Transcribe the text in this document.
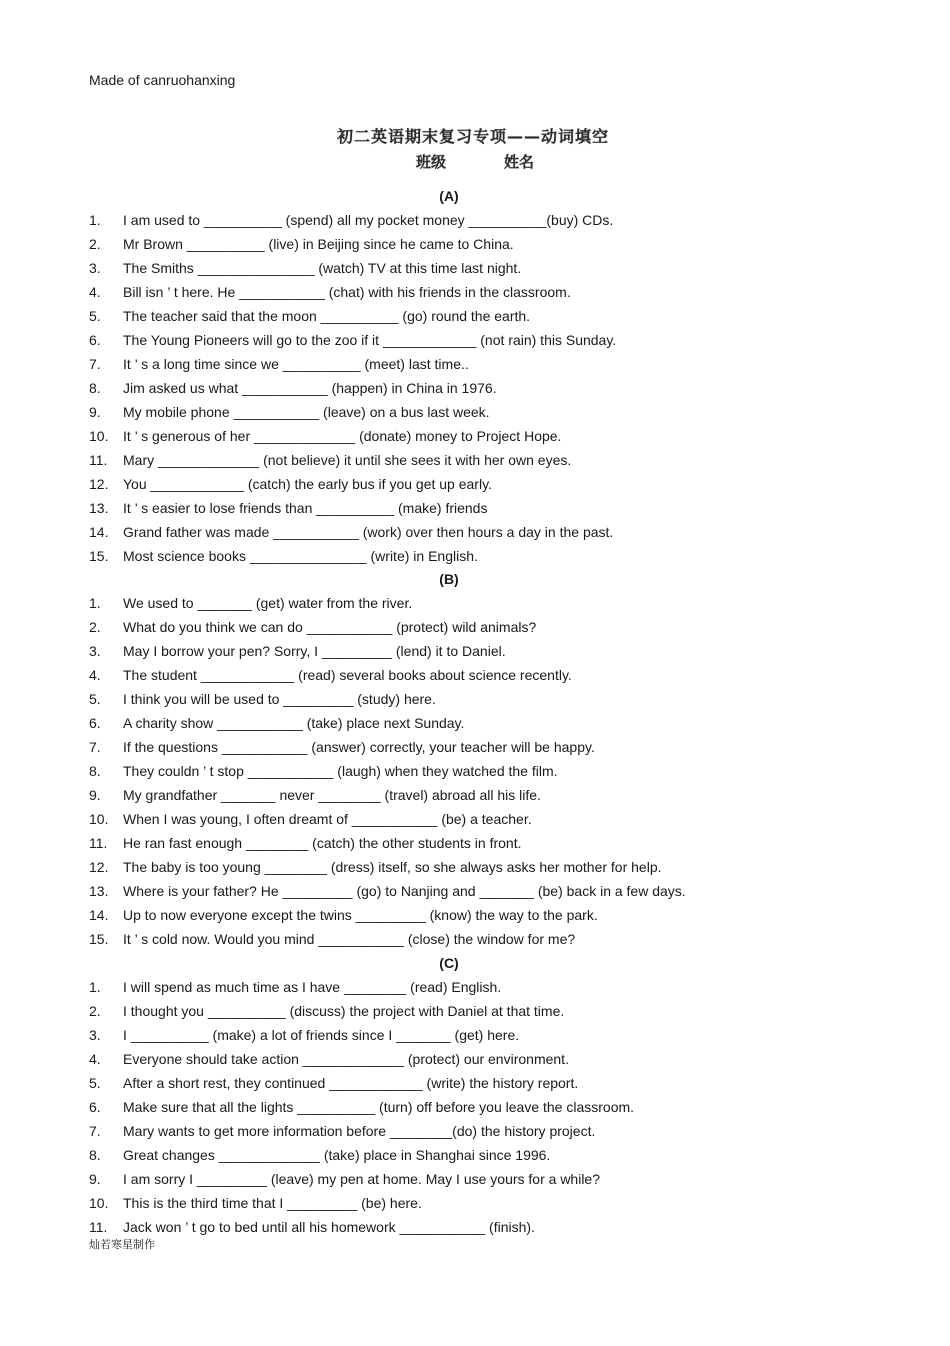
Made of canruohanxing
初二英语期末复习专项——动词填空
班级	姓名
(A)
1. I am used to __________ (spend) all my pocket money __________(buy) CDs.
2. Mr Brown __________ (live) in Beijing since he came to China.
3. The Smiths _______________ (watch) TV at this time last night.
4. Bill isn ’ t here. He ___________ (chat) with his friends in the classroom.
5. The teacher said that the moon __________ (go) round the earth.
6. The Young Pioneers will go to the zoo if it ____________ (not rain) this Sunday.
7. It ’ s a long time since we __________ (meet) last time..
8. Jim asked us what ___________ (happen) in China in 1976.
9. My mobile phone ___________ (leave) on a bus last week.
10. It ’ s generous of her _____________ (donate) money to Project Hope.
11. Mary _____________ (not believe) it until she sees it with her own eyes.
12. You ____________ (catch) the early bus if you get up early.
13. It ’ s easier to lose friends than __________ (make) friends
14. Grand father was made ___________ (work) over then hours a day in the past.
15. Most science books _______________ (write) in English.
(B)
1. We used to _______ (get) water from the river.
2. What do you think we can do ___________ (protect) wild animals?
3. May I borrow your pen? Sorry, I _________ (lend) it to Daniel.
4. The student ____________ (read) several books about science recently.
5. I think you will be used to _________ (study) here.
6. A charity show ___________ (take) place next Sunday.
7. If the questions ___________ (answer) correctly, your teacher will be happy.
8. They couldn ’ t stop ___________ (laugh) when they watched the film.
9. My grandfather _______ never ________ (travel) abroad all his life.
10. When I was young, I often dreamt of ___________ (be) a teacher.
11. He ran fast enough ________ (catch) the other students in front.
12. The baby is too young ________ (dress) itself, so she always asks her mother for help.
13. Where is your father? He _________ (go) to Nanjing and _______ (be) back in a few days.
14. Up to now everyone except the twins _________ (know) the way to the park.
15. It ’ s cold now. Would you mind ___________ (close) the window for me?
(C)
1. I will spend as much time as I have ________ (read) English.
2. I thought you __________ (discuss) the project with Daniel at that time.
3. I __________ (make) a lot of friends since I _______ (get) here.
4. Everyone should take action _____________ (protect) our environment.
5. After a short rest, they continued ____________ (write) the history report.
6. Make sure that all the lights __________ (turn) off before you leave the classroom.
7. Mary wants to get more information before ________(do) the history project.
8. Great changes _____________ (take) place in Shanghai since 1996.
9. I am sorry I _________ (leave) my pen at home. May I use yours for a while?
10. This is the third time that I _________ (be) here.
11. Jack won ’ t go to bed until all his homework ___________ (finish).
灿若寒星制作
